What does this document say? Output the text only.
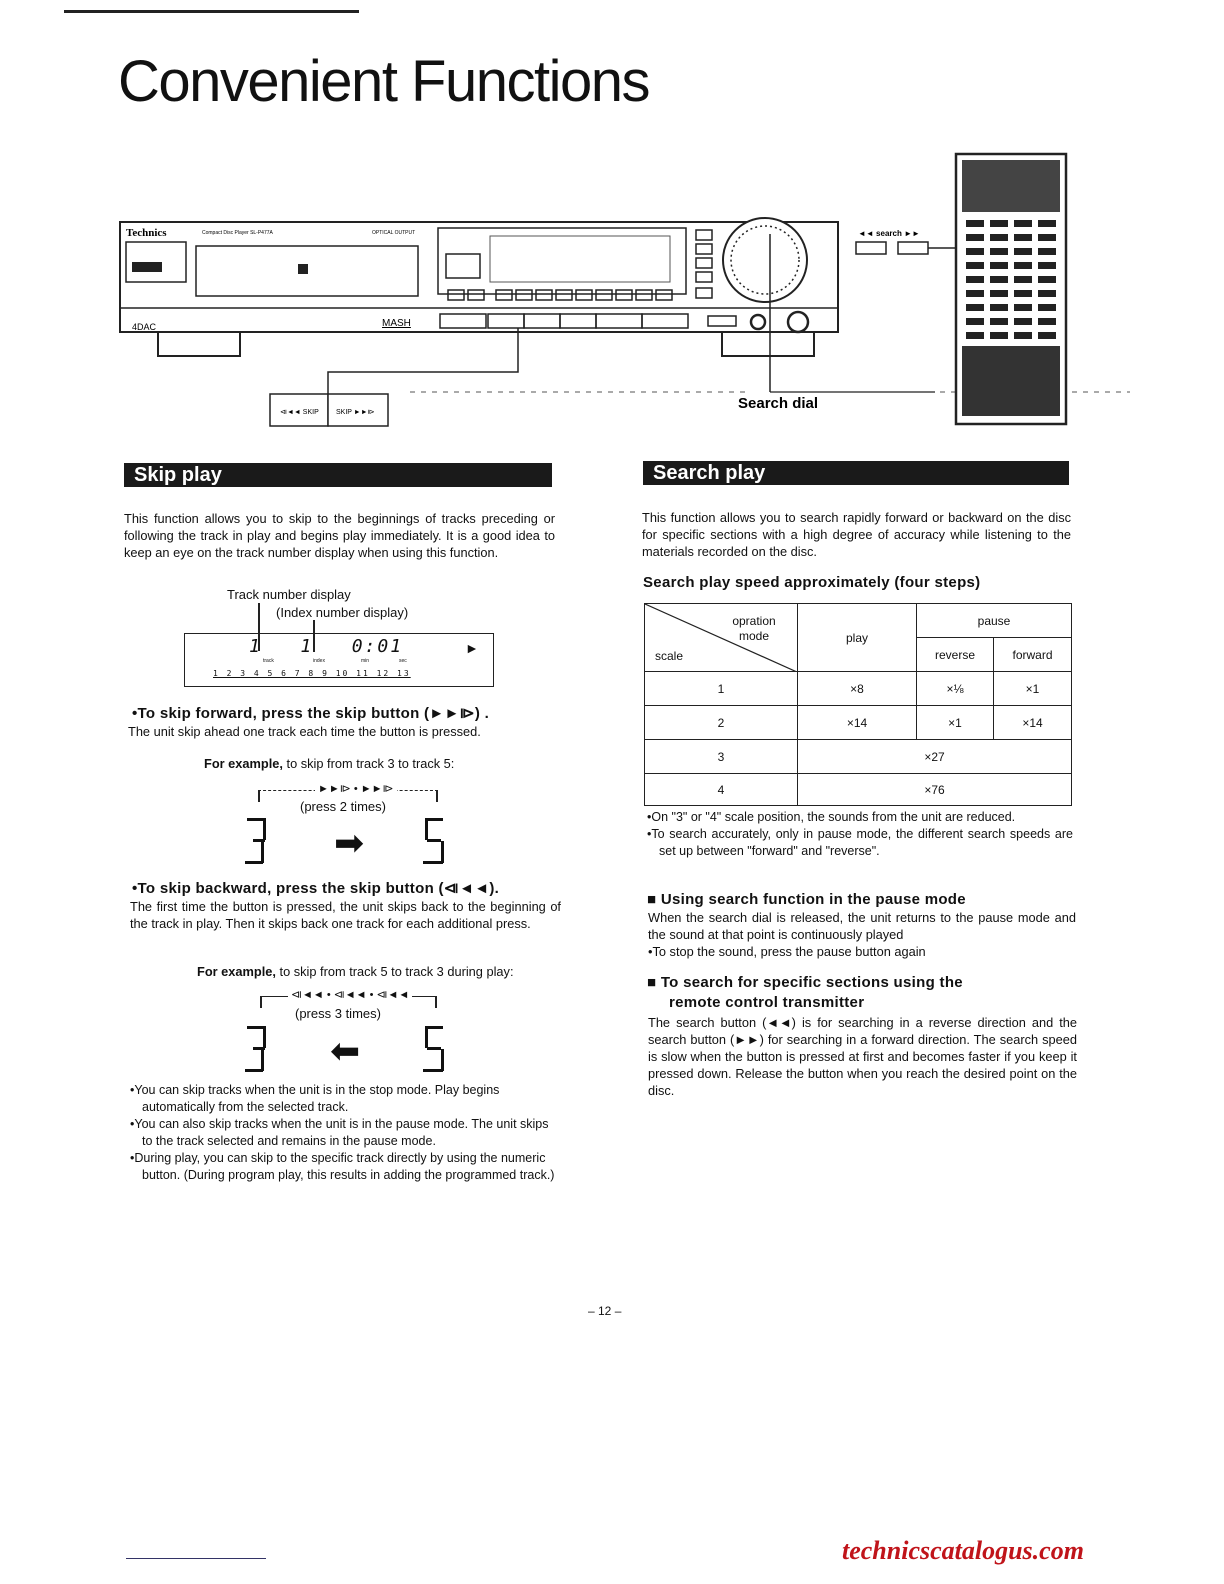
Convenient Functions
Technics	Compact Disc Player SL-P477A	OPTICAL OUTPUT
4DAC	MASH
Search dial
⧏◄◄ SKIP SKIP ►►⧐
◄◄ search ►►
Skip play
This function allows you to skip to the beginnings of tracks preceding or following the track in play and begins play immediately. It is a good idea to keep an eye on the track number display when using this function.
Track number display
(Index number display)
1   1   0:01	►
track	index	min	sec
1 2 3 4 5 6 7 8 9 10 11 12 13
•To skip forward, press the skip button (►►⧐) .
The unit skip ahead one track each time the button is pressed.
For example, to skip from track 3 to track 5:
►►⧐ • ►►⧐
(press 2 times)
➡
•To skip backward, press the skip button (⧏◄◄).
The first time the button is pressed, the unit skips back to the beginning of the track in play. Then it skips back one track for each additional press.
For example, to skip from track 5 to track 3 during play:
⧏◄◄ • ⧏◄◄ • ⧏◄◄
(press 3 times)
⬅
•You can skip tracks when the unit is in the stop mode. Play begins automatically from the selected track.
•You can also skip tracks when the unit is in the pause mode. The unit skips to the track selected and remains in the pause mode.
•During play, you can skip to the specific track directly by using the numeric button. (During program play, this results in adding the programmed track.)
Search play
This function allows you to search rapidly forward or backward on the disc for specific sections with a high degree of accuracy while listening to the materials recorded on the disc.
Search play speed approximately (four steps)
opration mode
scale	play	pause	
		reverse	forward
1	×8	×⅛	×1
2	×14	×1	×14
3	×27		
4	×76		
•On "3" or "4" scale position, the sounds from the unit are reduced.
•To search accurately, only in pause mode, the different search speeds are set up between "forward" and "reverse".
■ Using search function in the pause mode
When the search dial is released, the unit returns to the pause mode and the sound at that point is continuously played
•To stop the sound, press the pause button again
■ To search for specific sections using the
remote control transmitter
The search button (◄◄) is for searching in a reverse direction and the search button (►►) for searching in a forward direction. The search speed is slow when the button is pressed at first and becomes faster if you keep it pressed down. Release the button when you reach the desired point on the disc.
– 12 –
technicscatalogus.com
